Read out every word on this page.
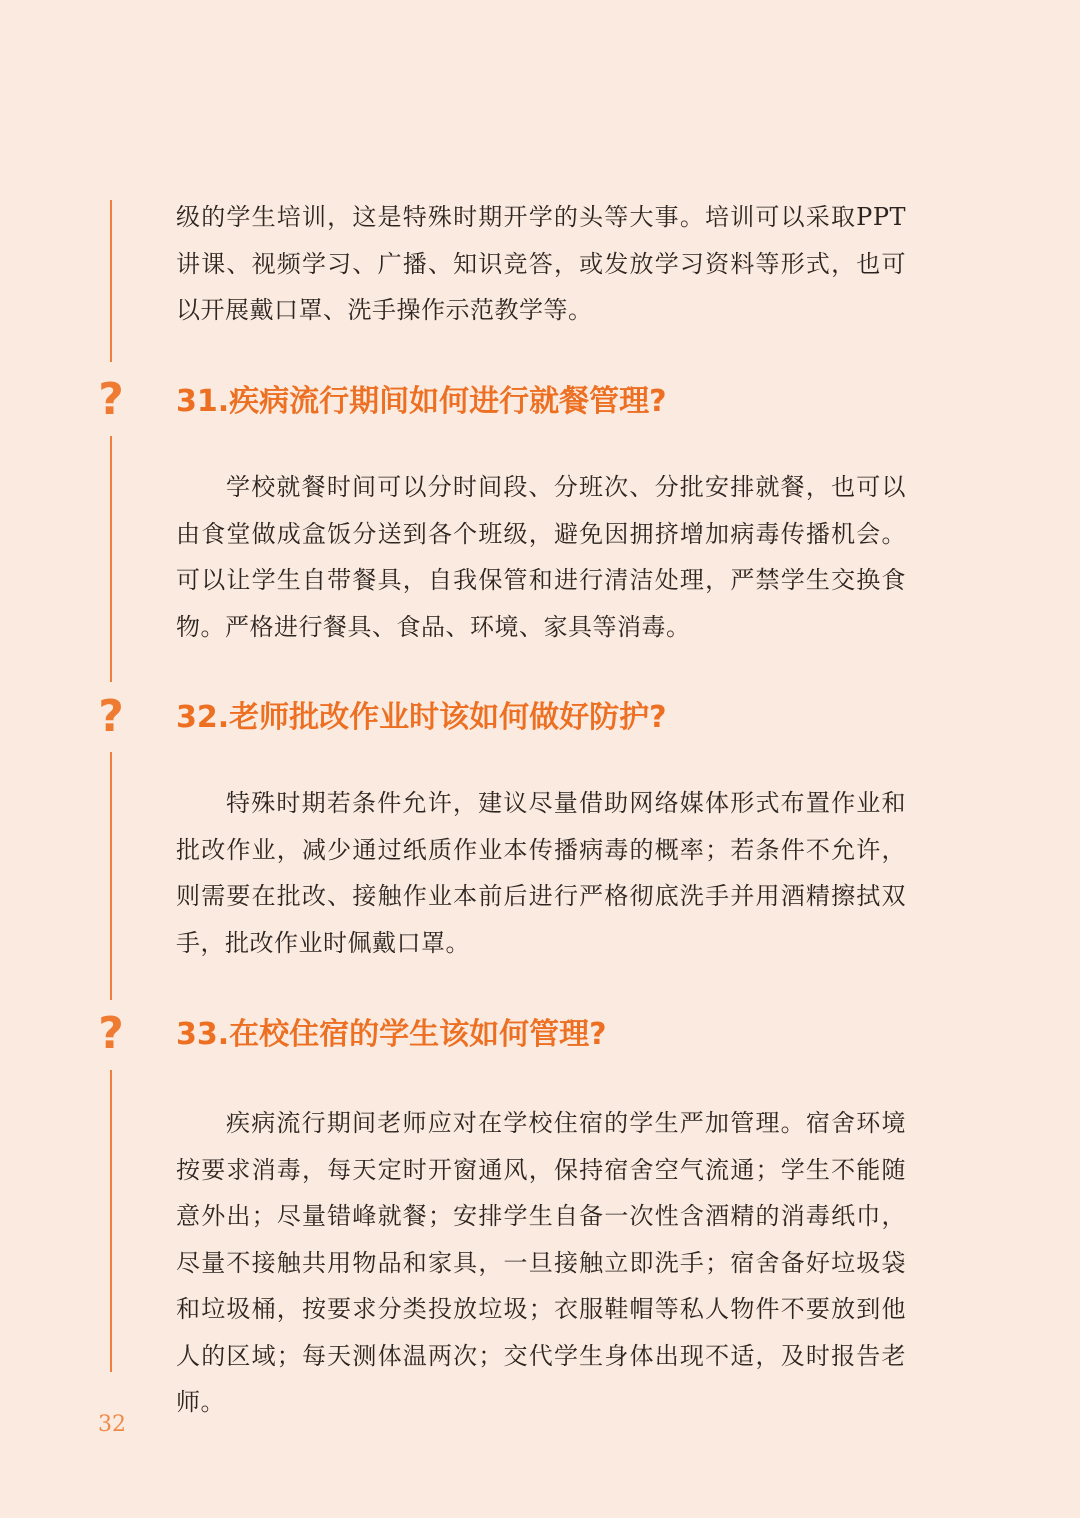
级的学生培训，这是特殊时期开学的头等大事。培训可以采取PPT讲课、视频学习、广播、知识竞答，或发放学习资料等形式，也可以开展戴口罩、洗手操作示范教学等。

? 31.疾病流行期间如何进行就餐管理?

学校就餐时间可以分时间段、分班次、分批安排就餐，也可以由食堂做成盒饭分送到各个班级，避免因拥挤增加病毒传播机会。可以让学生自带餐具，自我保管和进行清洁处理，严禁学生交换食物。严格进行餐具、食品、环境、家具等消毒。

? 32.老师批改作业时该如何做好防护?

特殊时期若条件允许，建议尽量借助网络媒体形式布置作业和批改作业，减少通过纸质作业本传播病毒的概率；若条件不允许，则需要在批改、接触作业本前后进行严格彻底洗手并用酒精擦拭双手，批改作业时佩戴口罩。

? 33.在校住宿的学生该如何管理?

疾病流行期间老师应对在学校住宿的学生严加管理。宿舍环境按要求消毒，每天定时开窗通风，保持宿舍空气流通；学生不能随意外出；尽量错峰就餐；安排学生自备一次性含酒精的消毒纸巾，尽量不接触共用物品和家具，一旦接触立即洗手；宿舍备好垃圾袋和垃圾桶，按要求分类投放垃圾；衣服鞋帽等私人物件不要放到他人的区域；每天测体温两次；交代学生身体出现不适，及时报告老师。

32
